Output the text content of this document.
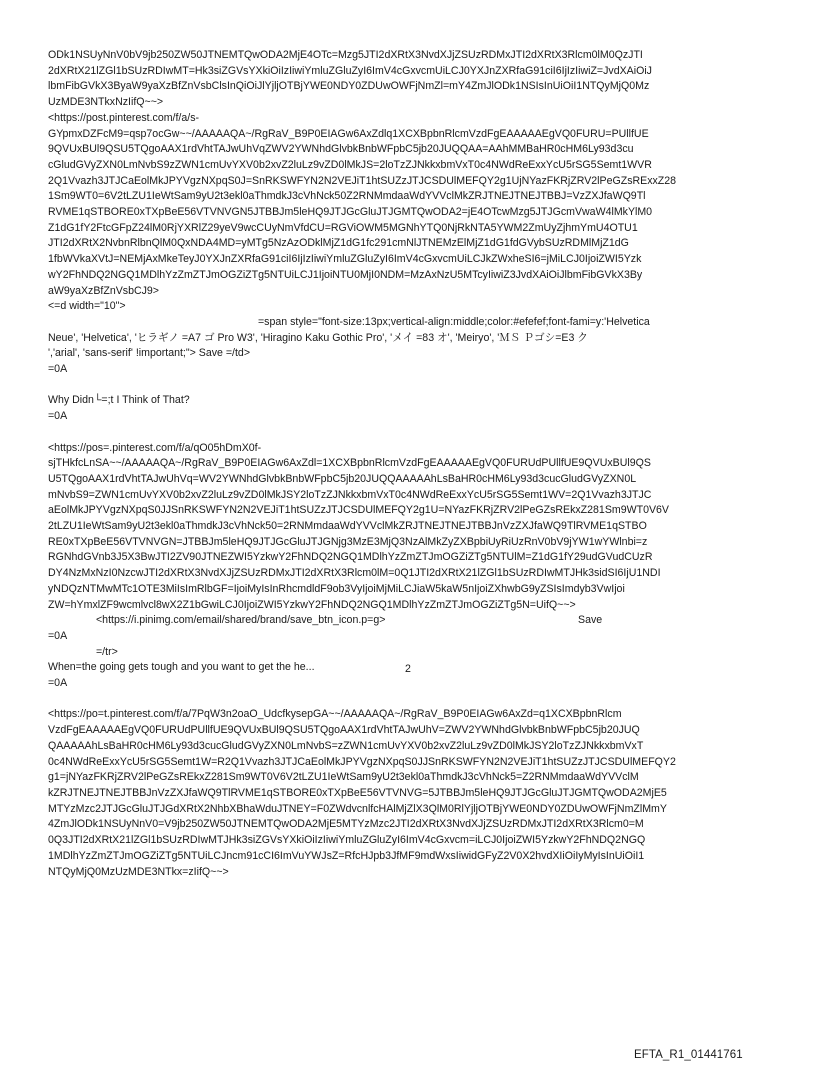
ODk1NSUyNnV0bV9jb250ZW50JTNEMTQwODA2MjE4OTc=Mzg5JTI2dXRtX3NvdXJjZSUzRDMxJTI2dXRtX3Rlcm0lM0QzJTI
2dXRtX21lZGl1bSUzRDIwMT=Hk3siZGVsYXkiOiIzIiwiYmluZGluZyI6ImV4cGxvcmUiLCJ0YXJnZXRfaG91ciI6IjIzIiwiZ=JvdXAiOiJ
lbmFibGVkX3ByaW9yaXzBfZnVsbClsInQiOiJlYjljOTBjYWE0NDY0ZDUwOWFjNmZl=mY4ZmJlODk1NSIsInUiOiI1NTQyMjQ0Mz
UzMDE3NTkxNzIifQ~~>
<https://post.pinterest.com/f/a/s-
GYpmxDZFcM9=qsp7ocGw~~/AAAAAQA~/RgRaV_B9P0EIAGw6AxZdlq1XCXBpbnRlcmVzdFgEAAAAAEgVQ0FURU=PUllfUE
9QVUxBUl9QSU5TQgoAAX1rdVhtTAJwUhVqZWV2YWNhdGlvbkBnbWFpbC5jb20JUQQAA=AAhMMBaHR0cHM6Ly93d3cu
cGludGVyZXN0LmNvbS9zZWN1cmUvYXV0b2xvZ2luLz9vZD0lMkJS=2loTzZJNkkxbmVxT0c4NWdReExxYcU5rSG5Semt1WVR
2Q1Vvazh3JTJCaEolMkJPYVgzNXpqS0J=SnRKSWFYN2N2VEJiT1htSUZzJTJCSDUlMEFQY2g1UjNYazFKRjZRV2lPeGZsRExxZ28
1Sm9WT0=6V2tLZU1IeWtSam9yU2t3ekl0aThmdkJ3cVhNck50Z2RNMmdaaWdYVVclMkZRJTNEJTNEJTBBJ=VzZXJfaWQ9Tl
RVME1qSTBORE0xTXpBeE56VTVNVGN5JTBBJm5leHQ9JTJGcGluJTJGMTQwODA2=jE4OTcwMzg5JTJGcmVwaW4lMkYlM0
Z1dG1fY2FtcGFpZ24lM0RjYXRlZ29yeV9wcCUyNmVfdCU=RGViOWM5MGNhYTQ0NjRkNTA5YWM2ZmUyZjhmYmU4OTU1
JTI2dXRtX2NvbnRlbnQlM0QxNDA4MD=yMTg5NzAzODklMjZ1dG1fc291cmNlJTNEMzElMjZ1dG1fdGVybSUzRDMlMjZ1dG
1fbWVkaXVtJ=NEMjAxMkeTeyJ0YXJnZXRfaG91ciI6IjIzIiwiYmluZGluZyI6ImV4cGxvcmUiLCJkZWxheSI6=jMiLCJ0IjoiZWI5Yzk
wY2FhNDQ2NGQ1MDlhYzZmZTJmOGZiZTg5NTUiLCJ1IjoiNTU0MjI0NDM=MzAxNzU5MTcyIiwiZ3JvdXAiOiJlbmFibGVkX3By
aW9yaXzBfZnVsbCJ9>
<=d width="10">
=span style="font-size:13px;vertical-align:middle;color:#efefef;font-fami=y:'Helvetica
Neue', 'Helvetica', 'ヒラギノ =A7 ゴ Pro W3', 'Hiragino Kaku Gothic Pro', 'メイ =83 オ', 'Meiryo', 'ＭＳ Ｐゴシ=E3 ク
','arial', 'sans-serif' !important;"> Save =/td>
=0A
Why Didn└=;t I Think of That?
=0A
<https://pos=.pinterest.com/f/a/qO05hDmX0f-
sjTHkfcLnSA~~/AAAAAQA~/RgRaV_B9P0EIAGw6AxZdl=1XCXBpbnRlcmVzdFgEAAAAAEgVQ0FURUdPUllfUE9QVUxBUl9QS
U5TQgoAAX1rdVhtTAJwUhVq=WV2YWNhdGlvbkBnbWFpbC5jb20JUQQAAAAAhLsBaHR0cHM6Ly93d3cucGludGVyZXN0L
mNvbS9=ZWN1cmUvYXV0b2xvZ2luLz9vZD0lMkJSY2loTzZJNkkxbmVxT0c4NWdReExxYcU5rSG5Semt1WV=2Q1Vvazh3JTJC
aEolMkJPYVgzNXpqS0JJSnRKSWFYN2N2VEJiT1htSUZzJTJCSDUlMEFQY2g1U=NYazFKRjZRV2lPeGZsREkxZ281Sm9WT0V6V
2tLZU1IeWtSam9yU2t3ekl0aThmdkJ3cVhNck50=2RNMmdaaWdYVVclMkZRJTNEJTNEJTBBJnVzZXJfaWQ9TlRVME1qSTBO
RE0xTXpBeE56VTVNVGN=JTBBJm5leHQ9JTJGcGluJTJGNjg3MzE3MjQ3NzAlMkZyZXBpbiUyRiUzRnV0bV9jYW1wYWlnbi=z
RGNhdGVnb3J5X3BwJTI2ZV90JTNEZWI5YzkwY2FhNDQ2NGQ1MDlhYzZmZTJmOGZiZTg5NTUlM=Z1dG1fY29udGVudCUzR
DY4NzMxNzI0NzcwJTI2dXRtX3NvdXJjZSUzRDMxJTI2dXRtX3Rlcm0lM=0Q1JTI2dXRtX21lZGl1bSUzRDIwMTJHk3sidSI6IjU1NDI
yNDQzNTMwMTc1OTE3MiIsImRlbGF=IjoiMyIsInRhcmdldF9ob3VyIjoiMjMiLCJiaW5kaW5nIjoiZXhwbG9yZSIsImdyb3VwIjoi
ZW=hYmxlZF9wcmlvcl8wX2Z1bGwiLCJ0IjoiZWI5YzkwY2FhNDQ2NGQ1MDlhYzZmZTJmOGZiZTg5N=UifQ~~>
<https://i.pinimg.com/email/shared/brand/save_btn_icon.p=g>	Save
=0A
=/tr>
When=the going gets tough and you want to get the he...
=0A
<https://po=t.pinterest.com/f/a/7PqW3n2oaO_UdcfkysepGA~~/AAAAAQA~/RgRaV_B9P0EIAGw6AxZd=q1XCXBpbnRlcm
VzdFgEAAAAAEgVQ0FURUdPUllfUE9QVUxBUl9QSU5TQgoAAX1rdVhtTAJwUhV=ZWV2YWNhdGlvbkBnbWFpbC5jb20JUQ
QAAAAAhLsBaHR0cHM6Ly93d3cucGludGVyZXN0LmNvbS=zZWN1cmUvYXV0b2xvZ2luLz9vZD0lMkJSY2loTzZJNkkxbmVxT
0c4NWdReExxYcU5rSG5Semt1W=R2Q1Vvazh3JTJCaEolMkJPYVgzNXpqS0JJSnRKSWFYN2N2VEJiT1htSUZzJTJCSDUlMEFQY2
g1=jNYazFKRjZRV2lPeGZsREkxZ281Sm9WT0V6V2tLZU1IeWtSam9yU2t3ekl0aThmdkJ3cVhNck5=Z2RNMmdaaWdYVVclM
kZRJTNEJTNEJTBBJnVzZXJfaWQ9TlRVME1qSTBORE0xTXpBeE56VTVNVG=5JTBBJm5leHQ9JTJGcGluJTJGMTQwODA2MjE5
MTYzMzc2JTJGcGluJTJGdXRtX2NhbXBhaWduJTNEY=F0ZWdvcnlfcHAlMjZlX3QlM0RlYjljOTBjYWE0NDY0ZDUwOWFjNmZlMmY
4ZmJlODk1NSUyNnV0=V9jb250ZW50JTNEMTQwODA2MjE5MTYzMzc2JTI2dXRtX3NvdXJjZSUzRDMxJTI2dXRtX3Rlcm0=M
0Q3JTI2dXRtX21lZGl1bSUzRDIwMTJHk3siZGVsYXkiOiIzIiwiYmluZGluZyI6ImV4cGxvcm=iLCJ0IjoiZWI5YzkwY2FhNDQ2NGQ
1MDlhYzZmZTJmOGZiZTg5NTUiLCJncm91cCI6ImVuYWJsZ=RfcHJpb3JfMF9mdWxsIiwidGFyZ2V0X2hvdXIiOiIyMyIsInUiOiI1
NTQyMjQ0MzUzMDE3NTkx=zIifQ~~>
2
EFTA_R1_01441761
